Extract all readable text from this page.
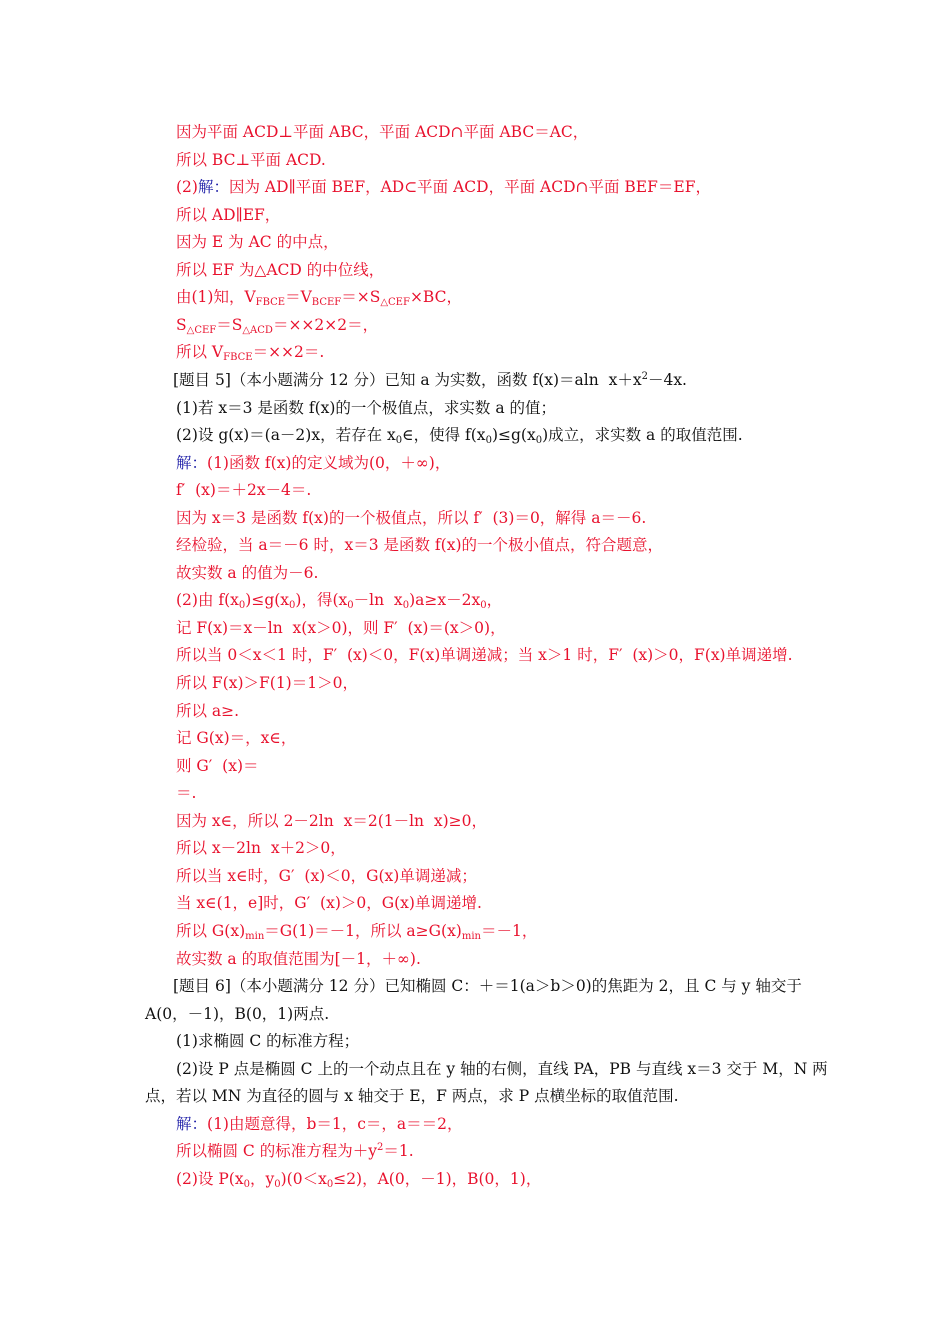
因为平面 ACD⊥平面 ABC，平面 ACD∩平面 ABC＝AC，
所以 BC⊥平面 ACD.
(2)解：因为 AD∥平面 BEF，AD⊂平面 ACD，平面 ACD∩平面 BEF＝EF，
所以 AD∥EF，
因为 E 为 AC 的中点，
所以 EF 为△ACD 的中位线，
由(1)知，$V_{FBCE}=V_{BCEF}=\times S_{\triangle CEF}\times BC$，
$S_{\triangle CEF}=S_{\triangle ACD}=\times\times 2\times 2=$，
所以 $V_{FBCE}=\times\times 2=$.
[题目 5]（本小题满分 12 分）已知 a 为实数，函数 f(x)＝aln  $x+x^2-4x$.
(1)若 x＝3 是函数 f(x)的一个极值点，求实数 a 的值；
(2)设 g(x)＝(a－2)x，若存在 $x_0\in$，使得 $f(x_0)\le g(x_0)$成立，求实数 a 的取值范围.
解：(1)函数 f(x)的定义域为(0，＋∞)，
f′  (x)＝＋2x－4＝.
因为 x＝3 是函数 f(x)的一个极值点，所以 f′  (3)＝0，解得 a＝－6.
经检验，当 a＝－6 时，x＝3 是函数 f(x)的一个极小值点，符合题意，
故实数 a 的值为－6.
(2)由 $f(x_0)\le g(x_0)$，得($x_0-\ln$  $x_0)a\ge x-2x_0$，
记 F(x)＝x－ln  x(x＞0)，则 F′  (x)＝(x＞0)，
所以当 0＜x＜1 时，F′  (x)＜0，F(x)单调递减；当 x＞1 时，F′  (x)＞0，F(x)单调递增.
所以 F(x)＞F(1)＝1＞0，
所以 a≥.
记 G(x)＝，x∈，
则 G′  (x)＝
＝.
因为 x∈，所以 2－2ln  x＝2(1－ln  x)≥0，
所以 x－2ln  x＋2＞0，
所以当 x∈时，G′  (x)＜0，G(x)单调递减；
当 x∈(1，e]时，G′  (x)＞0，G(x)单调递增.
所以 $G(x)_{min}=G(1)=-1$，所以 $a\ge G(x)_{min}=-1$，
故实数 a 的取值范围为[－1，＋∞).
[题目 6]（本小题满分 12 分）已知椭圆 C：＋＝1(a＞b＞0)的焦距为 2，且 C 与 y 轴交于
A(0，－1)，B(0，1)两点.
(1)求椭圆 C 的标准方程；
(2)设 P 点是椭圆 C 上的一个动点且在 y 轴的右侧，直线 PA，PB 与直线 x＝3 交于 M，N 两
点，若以 MN 为直径的圆与 x 轴交于 E，F 两点，求 P 点横坐标的取值范围.
解：(1)由题意得，b＝1，c＝，a＝＝2，
所以椭圆 C 的标准方程为$+y^2=1$.
(2)设 $P(x_0$，$y_0)(0<x_0\le 2)$，A(0，－1)，B(0，1)，
